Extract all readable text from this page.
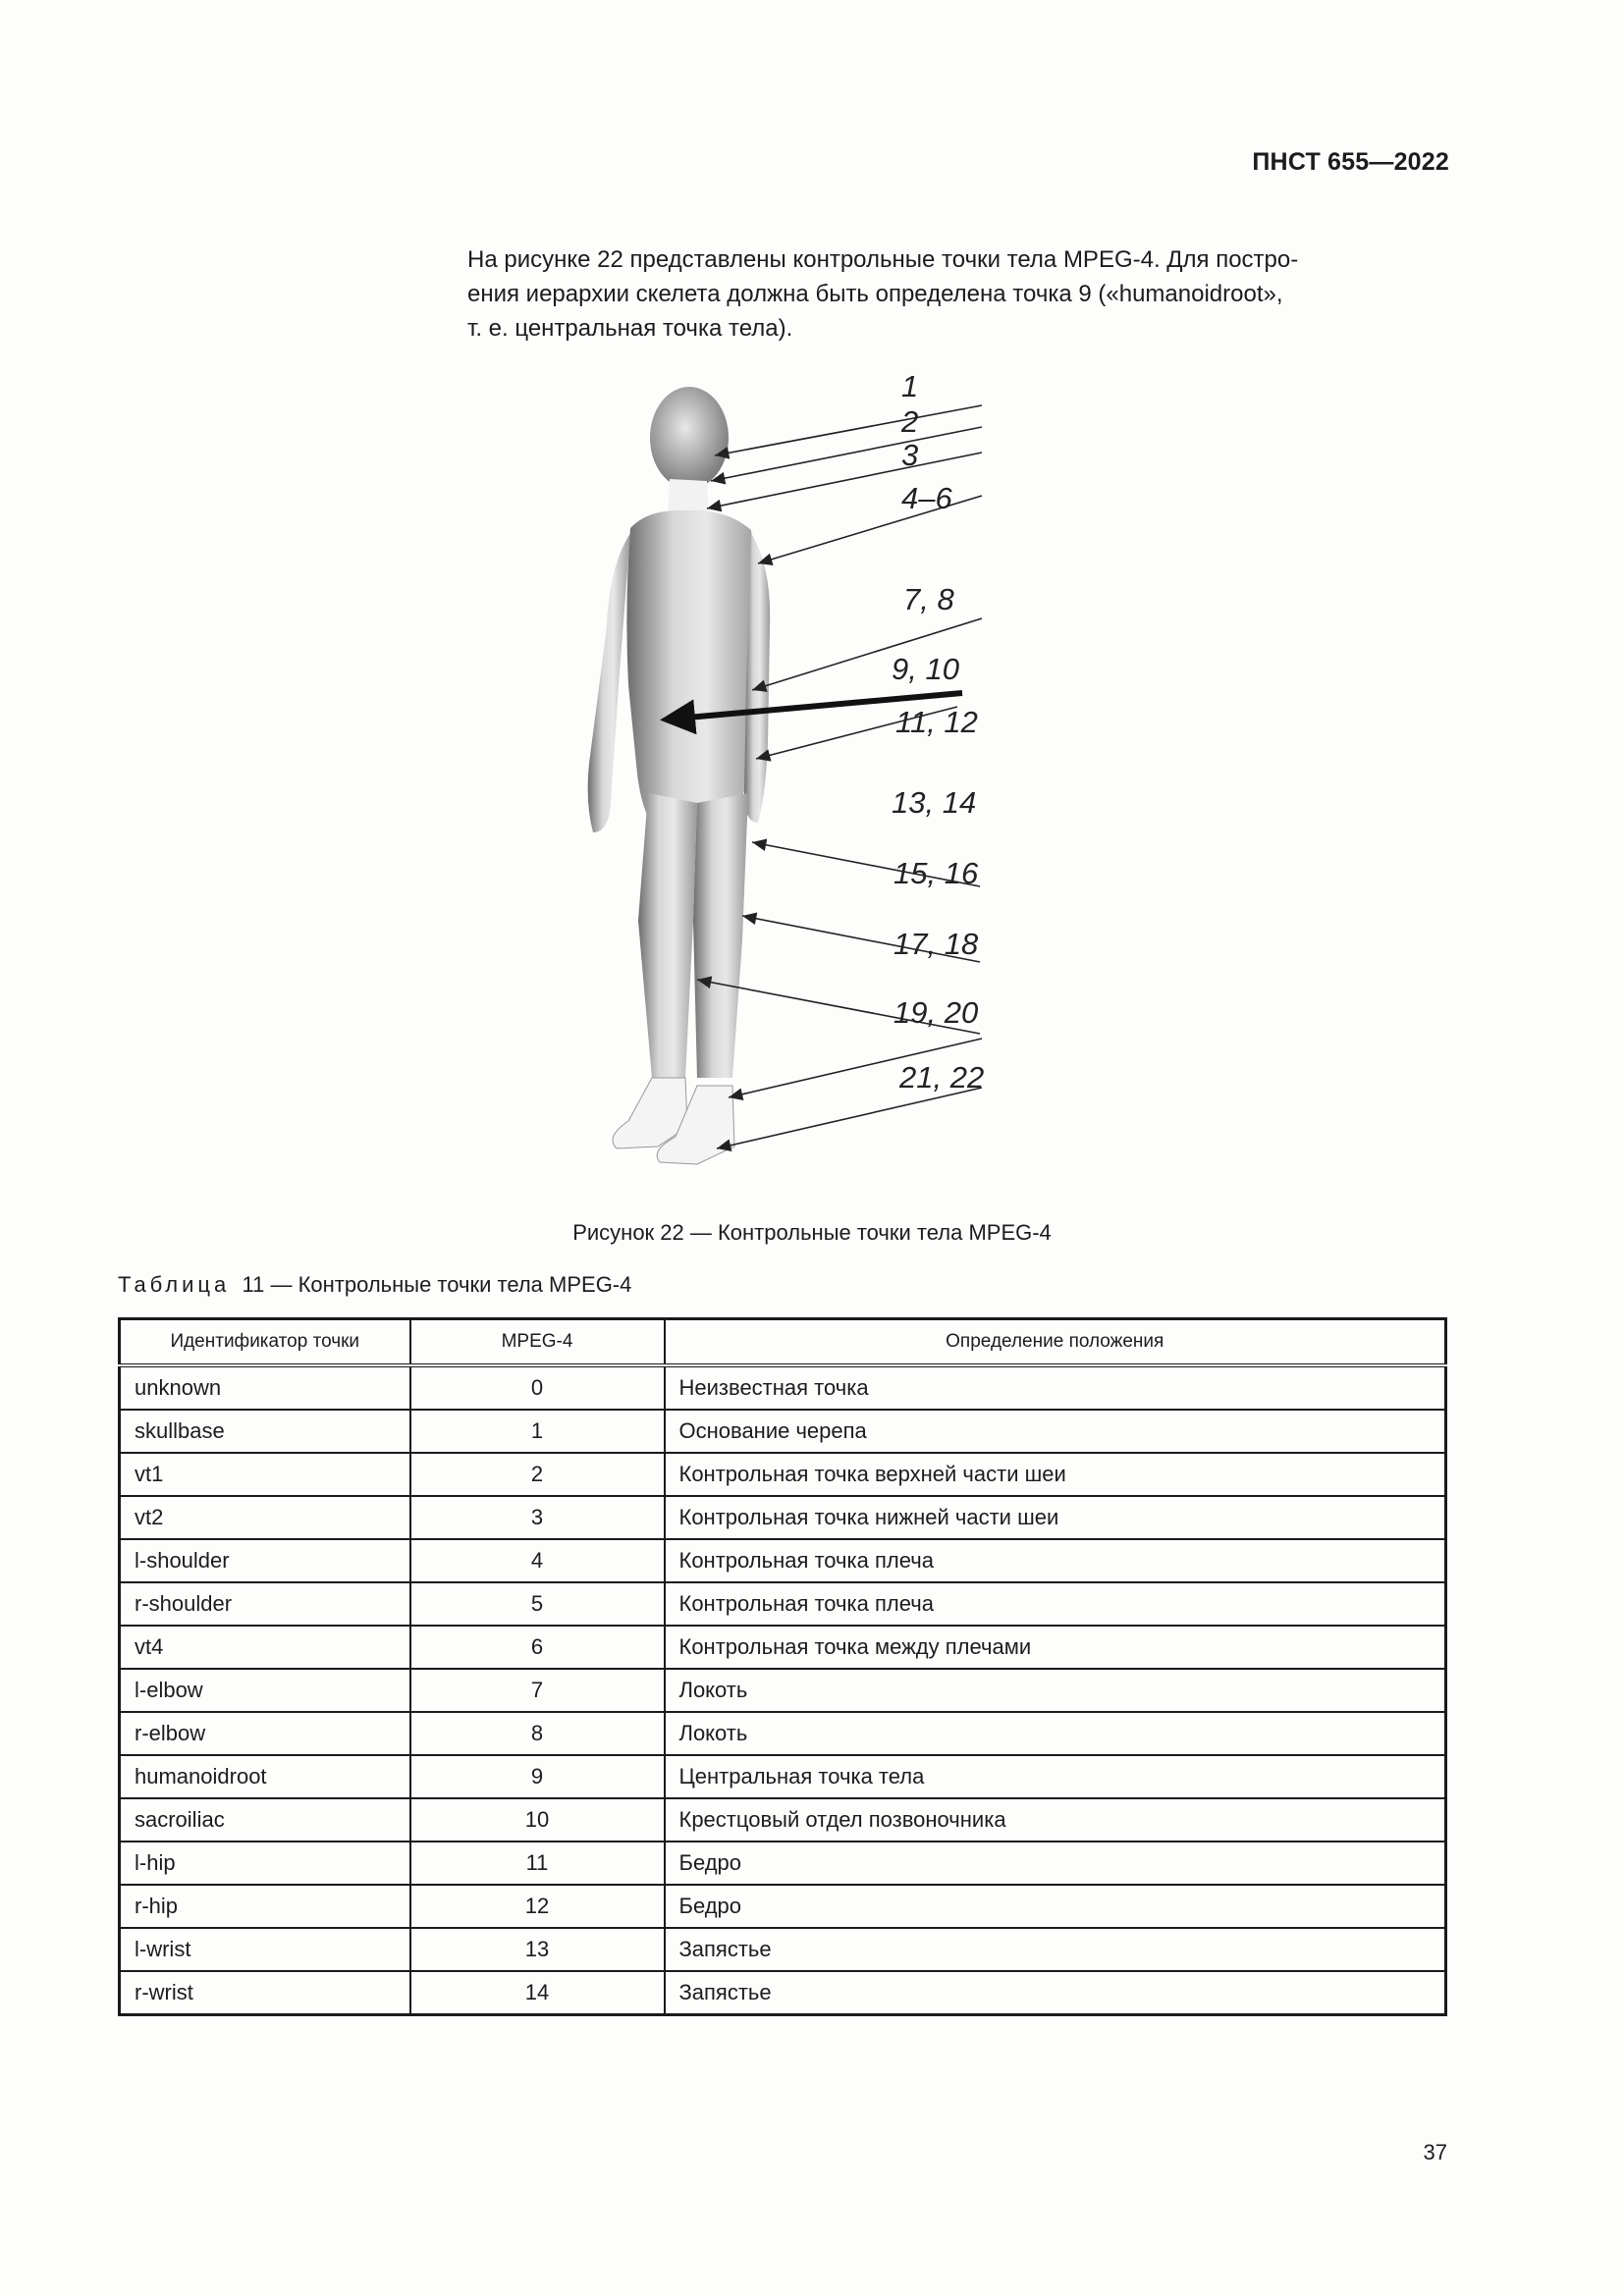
ПНСТ 655—2022
На рисунке 22 представлены контрольные точки тела MPEG-4. Для постро-
ения иерархии скелета должна быть определена точка 9 («humanoidroot»,
т. е. центральная точка тела).
1
2
3
4–6
7, 8
9, 10
11, 12
13, 14
15, 16
17, 18
19, 20
21, 22
Рисунок 22 — Контрольные точки тела MPEG-4
Таблица 11 — Контрольные точки тела MPEG-4
Идентификатор точки	MPEG-4	Определение положения
unknown	0	Неизвестная точка
skullbase	1	Основание черепа
vt1	2	Контрольная точка верхней части шеи
vt2	3	Контрольная точка нижней части шеи
l-shoulder	4	Контрольная точка плеча
r-shoulder	5	Контрольная точка плеча
vt4	6	Контрольная точка между плечами
l-elbow	7	Локоть
r-elbow	8	Локоть
humanoidroot	9	Центральная точка тела
sacroiliac	10	Крестцовый отдел позвоночника
l-hip	11	Бедро
r-hip	12	Бедро
l-wrist	13	Запястье
r-wrist	14	Запястье
37
